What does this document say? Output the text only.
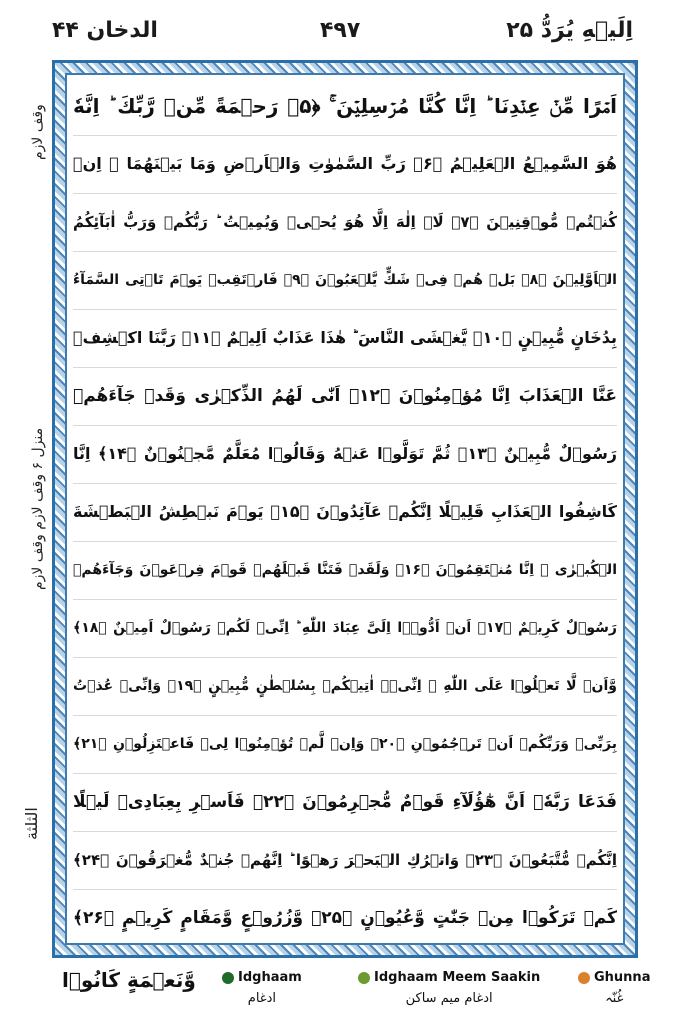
الدخان ۴۴	۴۹۷	اِلَیۡهِ یُرَدُّ ۲۵
وقف لازم
منزل ۶ وقف لازم وقف لازم
الثلثة
اَمۡرًا مِّنۡ عِنۡدِنَا ؕ اِنَّا كُنَّا مُرۡسِلِيۡنَ ۚ ﴿۵﴾ رَحۡمَةً مِّنۡ رَّبِّكَ ؕ اِنَّهٗ
هُوَ السَّمِيۡعُ الۡعَلِيۡمُ ﴿۶﴾ رَبِّ السَّمٰوٰتِ وَالۡاَرۡضِ وَمَا بَيۡنَهُمَا ۘ اِنۡ
كُنۡتُمۡ مُّوۡقِنِيۡنَ ﴿۷﴾ لَاۤ اِلٰهَ اِلَّا هُوَ يُحۡیٖ وَيُمِيۡتُ ؕ رَبُّكُمۡ وَرَبُّ اٰبَآئِكُمُ
الۡاَوَّلِيۡنَ ﴿۸﴾ بَلۡ هُمۡ فِىۡ شَكٍّ يَّلۡعَبُوۡنَ ﴿۹﴾ فَارۡتَقِبۡ يَوۡمَ تَاۡتِى السَّمَآءُ
بِدُخَانٍ مُّبِيۡنٍ ﴿۱۰﴾ يَّغۡشَى النَّاسَ ؕ هٰذَا عَذَابٌ اَلِيۡمٌ ﴿۱۱﴾ رَبَّنَا اكۡشِفۡ
عَنَّا الۡعَذَابَ اِنَّا مُؤۡمِنُوۡنَ ﴿۱۲﴾ اَنّٰى لَهُمُ الذِّكۡرٰى وَقَدۡ جَآءَهُمۡ
رَسُوۡلٌ مُّبِيۡنٌ ﴿۱۳﴾ ثُمَّ تَوَلَّوۡا عَنۡهُ وَقَالُوۡا مُعَلَّمٌ مَّجۡنُوۡنٌ ﴿۱۴﴾ اِنَّا
كَاشِفُوا الۡعَذَابِ قَلِيۡلًا اِنَّكُمۡ عَآئِدُوۡنَ ﴿۱۵﴾ يَوۡمَ نَبۡطِشُ الۡبَطۡشَةَ
الۡكُبۡرٰى ۚ اِنَّا مُنۡتَقِمُوۡنَ ﴿۱۶﴾ وَلَقَدۡ فَتَنَّا قَبۡلَهُمۡ قَوۡمَ فِرۡعَوۡنَ وَجَآءَهُمۡ
رَسُوۡلٌ كَرِيۡمٌ ﴿۱۷﴾ اَنۡ اَدُّوۡۤا اِلَىَّ عِبَادَ اللّٰهِ ؕ اِنِّىۡ لَكُمۡ رَسُوۡلٌ اَمِيۡنٌ ﴿۱۸﴾
وَّاَنۡ لَّا تَعۡلُوۡا عَلَى اللّٰهِ ۚ اِنِّىۡۤ اٰتِيۡكُمۡ بِسُلۡطٰنٍ مُّبِيۡنٍ ﴿۱۹﴾ وَاِنِّىۡ عُذۡتُ
بِرَبِّىۡ وَرَبِّكُمۡ اَنۡ تَرۡجُمُوۡنِ ﴿۲۰﴾ وَاِنۡ لَّمۡ تُؤۡمِنُوۡا لِىۡ فَاعۡتَزِلُوۡنِ ﴿۲۱﴾
فَدَعَا رَبَّهٗۤ اَنَّ هٰٓؤُلَآءِ قَوۡمٌ مُّجۡرِمُوۡنَ ﴿۲۲﴾ فَاَسۡرِ بِعِبَادِىۡ لَيۡلًا
اِنَّكُمۡ مُّتَّبَعُوۡنَ ﴿۲۳﴾ وَاتۡرُكِ الۡبَحۡرَ رَهۡوًا ؕ اِنَّهُمۡ جُنۡدٌ مُّغۡرَقُوۡنَ ﴿۲۴﴾
كَمۡ تَرَكُوۡا مِنۡ جَنّٰتٍ وَّعُيُوۡنٍ ﴿۲۵﴾ وَّزُرُوۡعٍ وَّمَقَامٍ كَرِيۡمٍ ﴿۲۶﴾
وَّنَعۡمَةٍ كَانُوۡا	Idghaam
ادغام
Idghaam Meem Saakin
ادغام میم ساکن
Ghunna
غُنّہ
